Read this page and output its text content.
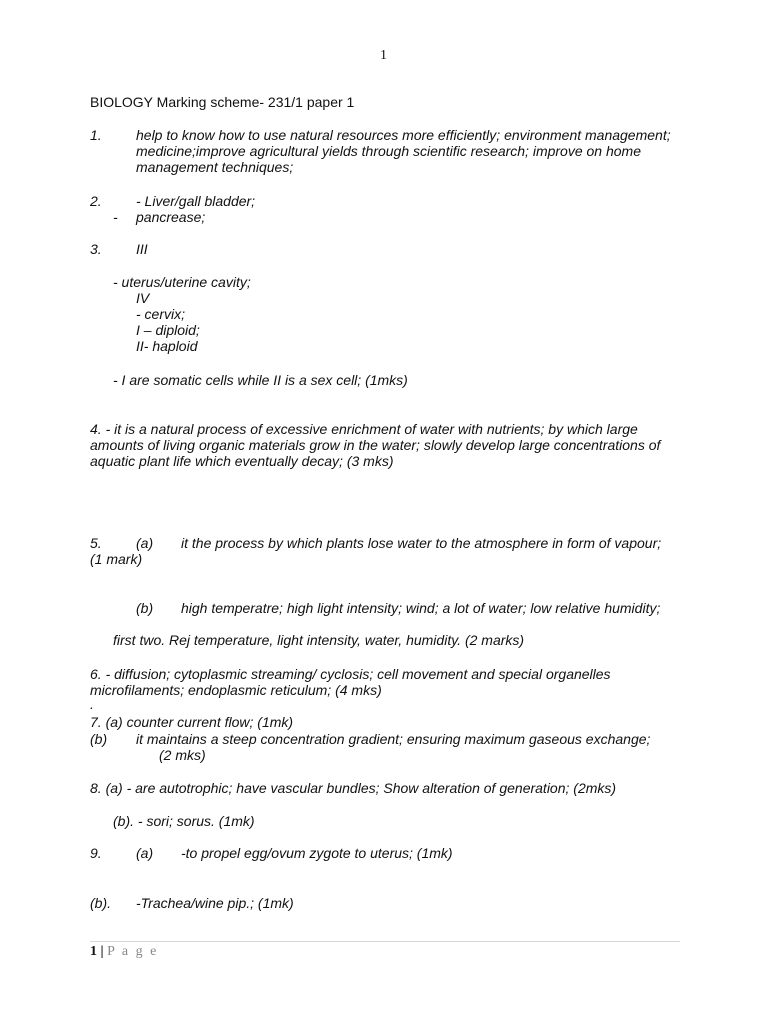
1
BIOLOGY Marking scheme- 231/1 paper 1
1. help to know how to use natural resources more efficiently; environment management;
medicine;improve agricultural yields through scientific research; improve on home
management techniques;
2. - Liver/gall bladder;
- pancrease;
3. III
- uterus/uterine cavity;
IV
- cervix;
I – diploid;
II- haploid
- I are somatic cells while II is a sex cell; (1mks)
4. - it is a natural process of excessive enrichment of water with nutrients; by which large
amounts of living organic materials grow in the water; slowly develop large concentrations of
aquatic plant life which eventually decay; (3 mks)
5. (a) it the process by which plants lose water to the atmosphere in form of vapour;
(1 mark)
(b) high temperatre; high light intensity; wind; a lot of water; low relative humidity;
first two. Rej temperature, light intensity, water, humidity. (2 marks)
6. - diffusion; cytoplasmic streaming/ cyclosis; cell movement and special organelles
microfilaments; endoplasmic reticulum; (4 mks)
.
7. (a) counter current flow; (1mk)
(b) it maintains a steep concentration gradient; ensuring maximum gaseous exchange;
(2 mks)
8. (a) - are autotrophic; have vascular bundles; Show alteration of generation; (2mks)
(b). - sori; sorus. (1mk)
9. (a) -to propel egg/ovum zygote to uterus; (1mk)
(b). -Trachea/wine pip.; (1mk)
1 | P a g e
